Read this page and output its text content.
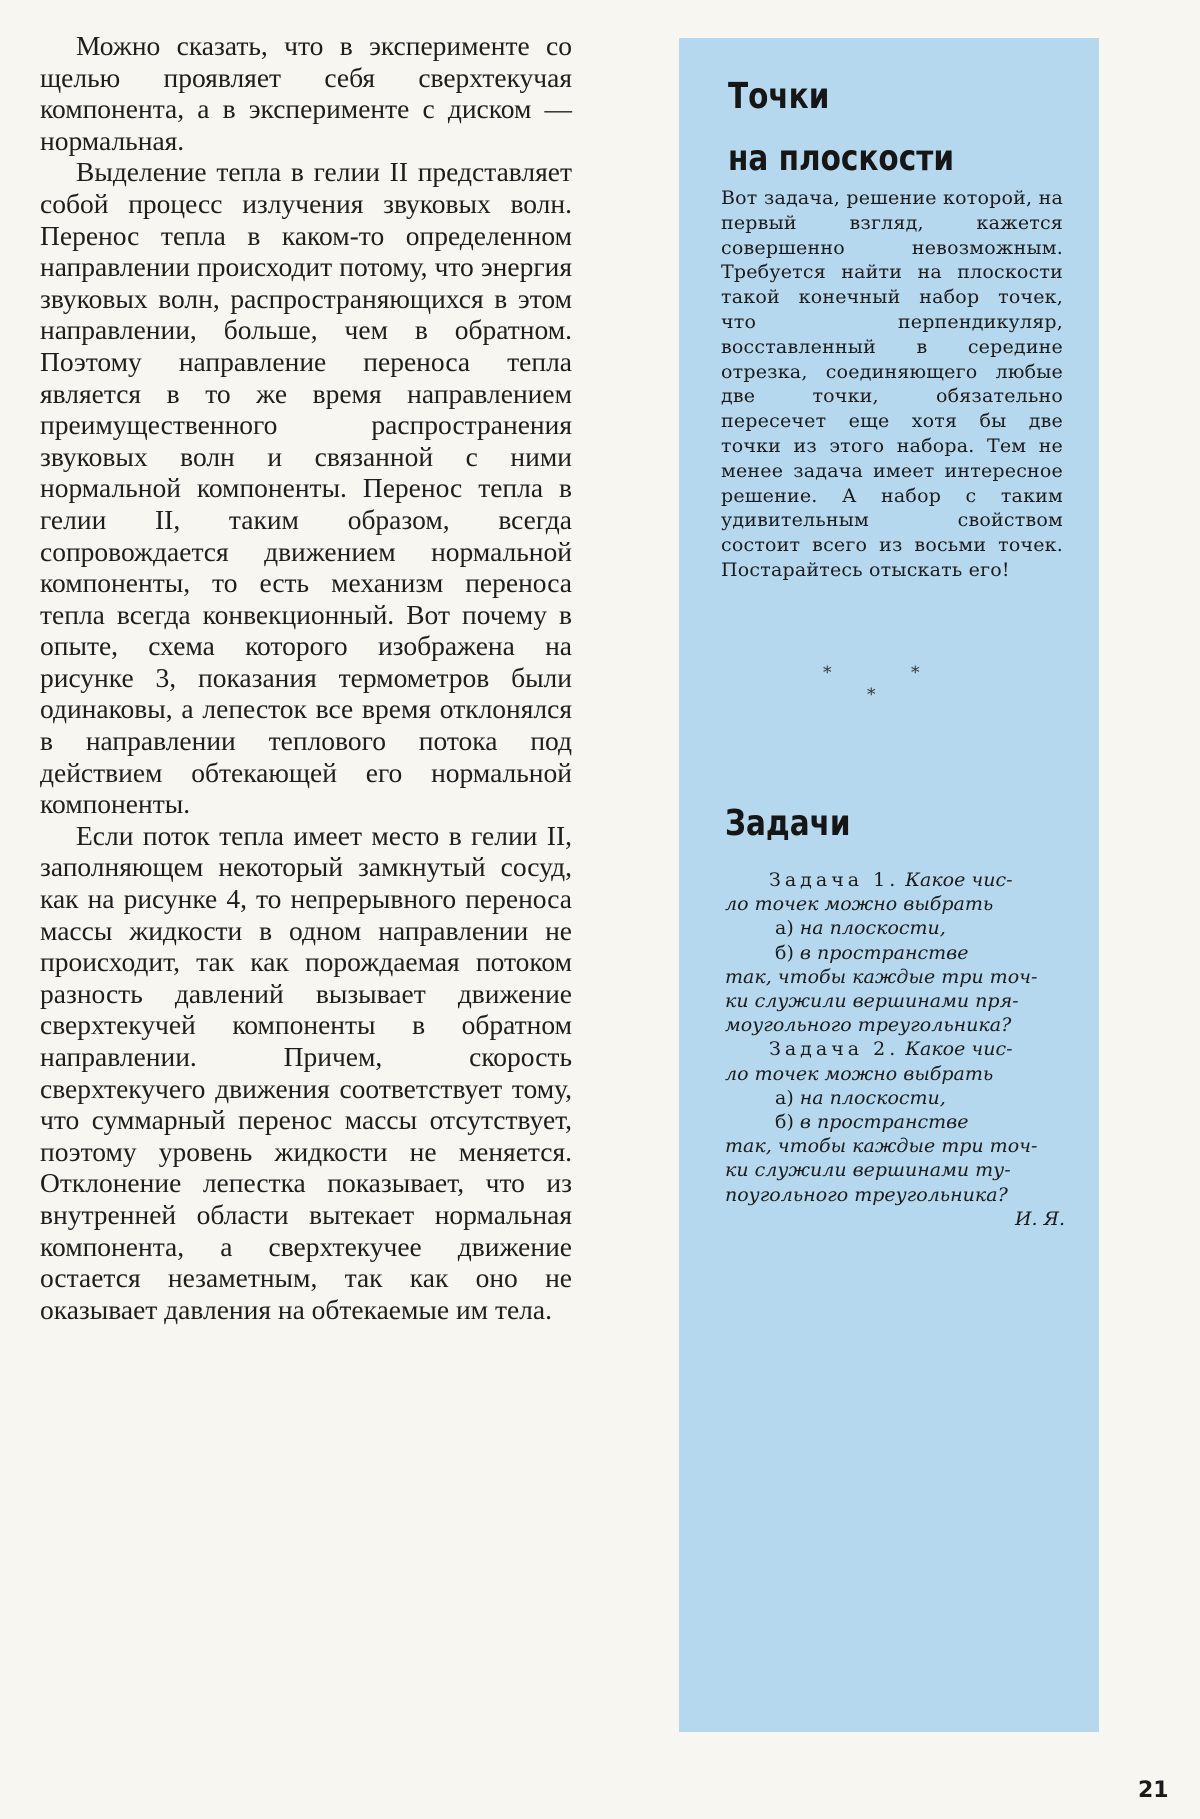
Можно сказать, что в эксперименте со щелью проявляет себя сверхтекучая компонента, а в эксперименте с диском — нормальная.

Выделение тепла в гелии II представляет собой процесс излучения звуковых волн. Перенос тепла в каком-то определенном направлении происходит потому, что энергия звуковых волн, распространяющихся в этом направлении, больше, чем в обратном. Поэтому направление переноса тепла является в то же время направлением преимущественного распространения звуковых волн и связанной с ними нормальной компоненты. Перенос тепла в гелии II, таким образом, всегда сопровождается движением нормальной компоненты, то есть механизм переноса тепла всегда конвекционный. Вот почему в опыте, схема которого изображена на рисунке 3, показания термометров были одинаковы, а лепесток все время отклонялся в направлении теплового потока под действием обтекающей его нормальной компоненты.

Если поток тепла имеет место в гелии II, заполняющем некоторый замкнутый сосуд, как на рисунке 4, то непрерывного переноса массы жидкости в одном направлении не происходит, так как порождаемая потоком разность давлений вызывает движение сверхтекучей компоненты в обратном направлении. Причем, скорость сверхтекучего движения соответствует тому, что суммарный перенос массы отсутствует, поэтому уровень жидкости не меняется. Отклонение лепестка показывает, что из внутренней области вытекает нормальная компонента, а сверхтекучее движение остается незаметным, так как оно не оказывает давления на обтекаемые им тела.

Точки
на плоскости
Вот задача, решение которой, на первый взгляд, кажется совершенно невозможным. Требуется найти на плоскости такой конечный набор точек, что перпендикуляр, восставленный в середине отрезка, соединяющего любые две точки, обязательно пересечет еще хотя бы две точки из этого набора. Тем не менее задача имеет интересное решение. А набор с таким удивительным свойством состоит всего из восьми точек. Постарайтесь отыскать его!
*	*
*
Задачи
Задача 1. Какое чис-
ло точек можно выбрать
а) на плоскости,
б) в пространстве
так, чтобы каждые три точ-
ки служили вершинами пря-
моугольного треугольника?
Задача 2. Какое чис-
ло точек можно выбрать
а) на плоскости,
б) в пространстве
так, чтобы каждые три точ-
ки служили вершинами ту-
поугольного треугольника?
И. Я.
21
